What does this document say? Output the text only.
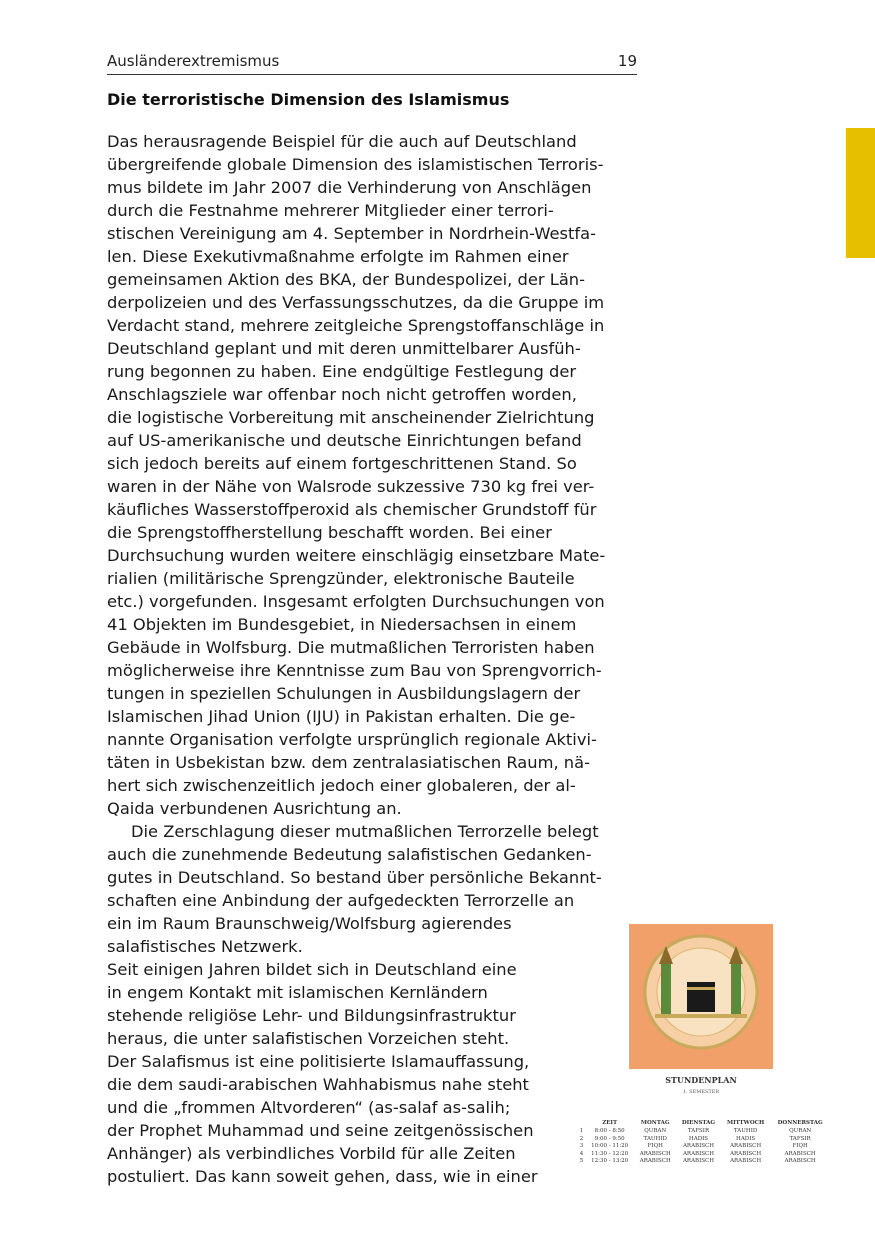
Ausländerextremismus	19
Die terroristische Dimension des Islamismus
Das herausragende Beispiel für die auch auf Deutschland
übergreifende globale Dimension des islamistischen Terroris-
mus bildete im Jahr 2007 die Verhinderung von Anschlägen
durch die Festnahme mehrerer Mitglieder einer terrori-
stischen Vereinigung am 4. September in Nordrhein-Westfa-
len. Diese Exekutivmaßnahme erfolgte im Rahmen einer
gemeinsamen Aktion des BKA, der Bundespolizei, der Län-
derpolizeien und des Verfassungsschutzes, da die Gruppe im
Verdacht stand, mehrere zeitgleiche Sprengstoffanschläge in
Deutschland geplant und mit deren unmittelbarer Ausfüh-
rung begonnen zu haben. Eine endgültige Festlegung der
Anschlagsziele war offenbar noch nicht getroffen worden,
die logistische Vorbereitung mit anscheinender Zielrichtung
auf US-amerikanische und deutsche Einrichtungen befand
sich jedoch bereits auf einem fortgeschrittenen Stand. So
waren in der Nähe von Walsrode sukzessive 730 kg frei ver-
käufliches Wasserstoffperoxid als chemischer Grundstoff für
die Sprengstoffherstellung beschafft worden. Bei einer
Durchsuchung wurden weitere einschlägig einsetzbare Mate-
rialien (militärische Sprengzünder, elektronische Bauteile
etc.) vorgefunden. Insgesamt erfolgten Durchsuchungen von
41 Objekten im Bundesgebiet, in Niedersachsen in einem
Gebäude in Wolfsburg. Die mutmaßlichen Terroristen haben
möglicherweise ihre Kenntnisse zum Bau von Sprengvorrich-
tungen in speziellen Schulungen in Ausbildungslagern der
Islamischen Jihad Union (IJU) in Pakistan erhalten. Die ge-
nannte Organisation verfolgte ursprünglich regionale Aktivi-
täten in Usbekistan bzw. dem zentralasiatischen Raum, nä-
hert sich zwischenzeitlich jedoch einer globaleren, der al-
Qaida verbundenen Ausrichtung an.
Die Zerschlagung dieser mutmaßlichen Terrorzelle belegt
auch die zunehmende Bedeutung salafistischen Gedanken-
gutes in Deutschland. So bestand über persönliche Bekannt-
schaften eine Anbindung der aufgedeckten Terrorzelle an
ein im Raum Braunschweig/Wolfsburg agierendes
salafistisches Netzwerk.
Seit einigen Jahren bildet sich in Deutschland eine
in engem Kontakt mit islamischen Kernländern
stehende religiöse Lehr- und Bildungsinfrastruktur
heraus, die unter salafistischen Vorzeichen steht.
Der Salafismus ist eine politisierte Islamauffassung,
die dem saudi-arabischen Wahhabismus nahe steht
und die „frommen Altvorderen“ (as-salaf as-salih;
der Prophet Muhammad und seine zeitgenössischen
Anhänger) als verbindliches Vorbild für alle Zeiten
postuliert. Das kann soweit gehen, dass, wie in einer
STUNDENPLAN
1. SEMESTER
	ZEIT	MONTAG	DIENSTAG	MITTWOCH	DONNERSTAG
1	8:00 - 8:50	QURAN	TAFSIR	TAUHID	QURAN
2	9:00 - 9:50	TAUHID	HADIS	HADIS	TAFSIR
3	10:00 - 11:20	FIQH	ARABISCH	ARABISCH	FIQH
4	11:30 - 12:20	ARABISCH	ARABISCH	ARABISCH	ARABISCH
5	12:30 - 13:20	ARABISCH	ARABISCH	ARABISCH	ARABISCH
